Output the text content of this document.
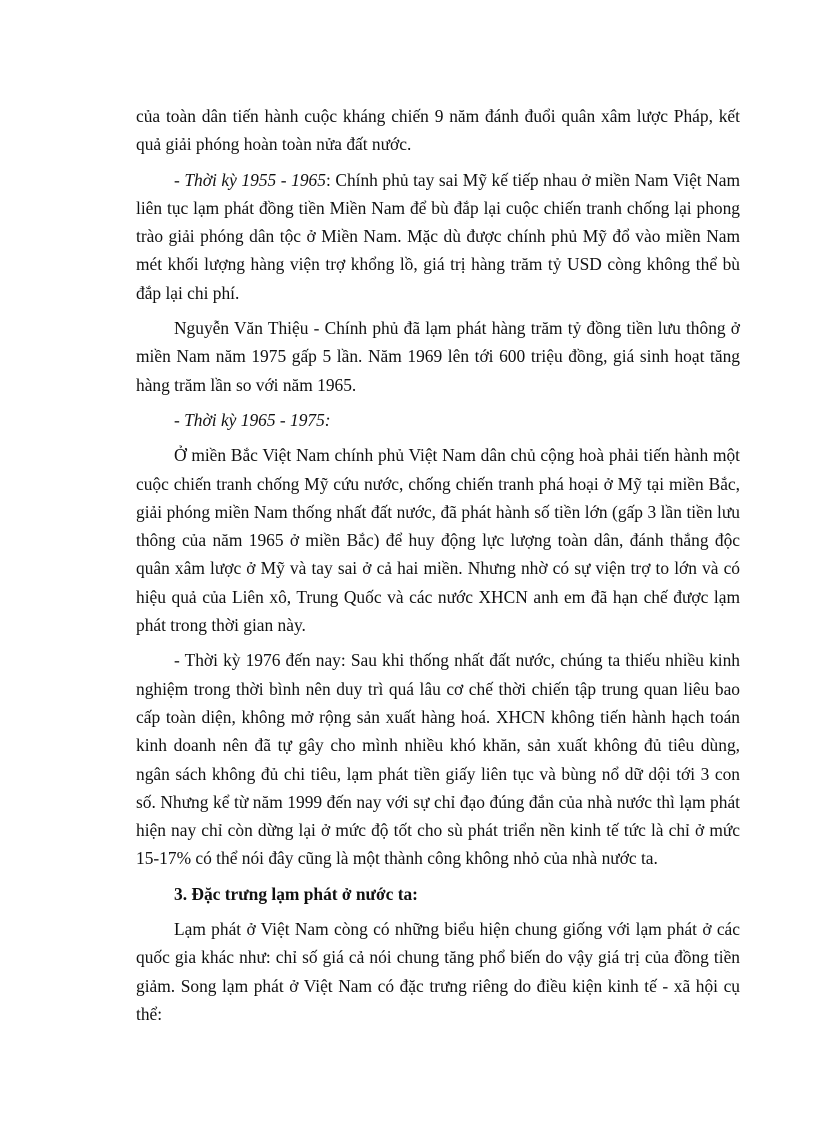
của toàn dân tiến hành cuộc kháng chiến 9 năm đánh đuổi quân xâm lược Pháp, kết quả giải phóng hoàn toàn nửa đất nước.

- Thời kỳ 1955 - 1965: Chính phủ tay sai Mỹ kế tiếp nhau ở miền Nam Việt Nam liên tục lạm phát đồng tiền Miền Nam để bù đắp lại cuộc chiến tranh chống lại phong trào giải phóng dân tộc ở Miền Nam. Mặc dù được chính phủ Mỹ đổ vào miền Nam mét khối lượng hàng viện trợ khổng lồ, giá trị hàng trăm tỷ USD còng không thể bù đắp lại chi phí.

Nguyễn Văn Thiệu - Chính phủ đã lạm phát hàng trăm tỷ đồng tiền lưu thông ở miền Nam năm 1975 gấp 5 lần. Năm 1969 lên tới 600 triệu đồng, giá sinh hoạt tăng hàng trăm lần so với năm 1965.

- Thời kỳ 1965 - 1975:

Ở miền Bắc Việt Nam chính phủ Việt Nam dân chủ cộng hoà phải tiến hành một cuộc chiến tranh chống Mỹ cứu nước, chống chiến tranh phá hoại ở Mỹ tại miền Bắc, giải phóng miền Nam thống nhất đất nước, đã phát hành số tiền lớn (gấp 3 lần tiền lưu thông của năm 1965 ở miền Bắc) để huy động lực lượng toàn dân, đánh thắng độc quân xâm lược ở Mỹ và tay sai ở cả hai miền. Nhưng nhờ có sự viện trợ to lớn và có hiệu quả của Liên xô, Trung Quốc và các nước XHCN anh em đã hạn chế được lạm phát trong thời gian này.

- Thời kỳ 1976 đến nay: Sau khi thống nhất đất nước, chúng ta thiếu nhiều kinh nghiệm trong thời bình nên duy trì quá lâu cơ chế thời chiến tập trung quan liêu bao cấp toàn diện, không mở rộng sản xuất hàng hoá. XHCN không tiến hành hạch toán kinh doanh nên đã tự gây cho mình nhiều khó khăn, sản xuất không đủ tiêu dùng, ngân sách không đủ chi tiêu, lạm phát tiền giấy liên tục và bùng nổ dữ dội tới 3 con số. Nhưng kể từ năm 1999 đến nay với sự chỉ đạo đúng đắn của nhà nước thì lạm phát hiện nay chỉ còn dừng lại ở mức độ tốt cho sù phát triển nền kinh tế tức là chỉ ở mức 15-17% có thể nói đây cũng là một thành công không nhỏ của nhà nước ta.

3. Đặc trưng lạm phát ở nước ta:

Lạm phát ở Việt Nam còng có những biểu hiện chung giống với lạm phát ở các quốc gia khác như: chỉ số giá cả nói chung tăng phổ biến do vậy giá trị của đồng tiền giảm. Song lạm phát ở Việt Nam có đặc trưng riêng do điều kiện kinh tế - xã hội cụ thể:
